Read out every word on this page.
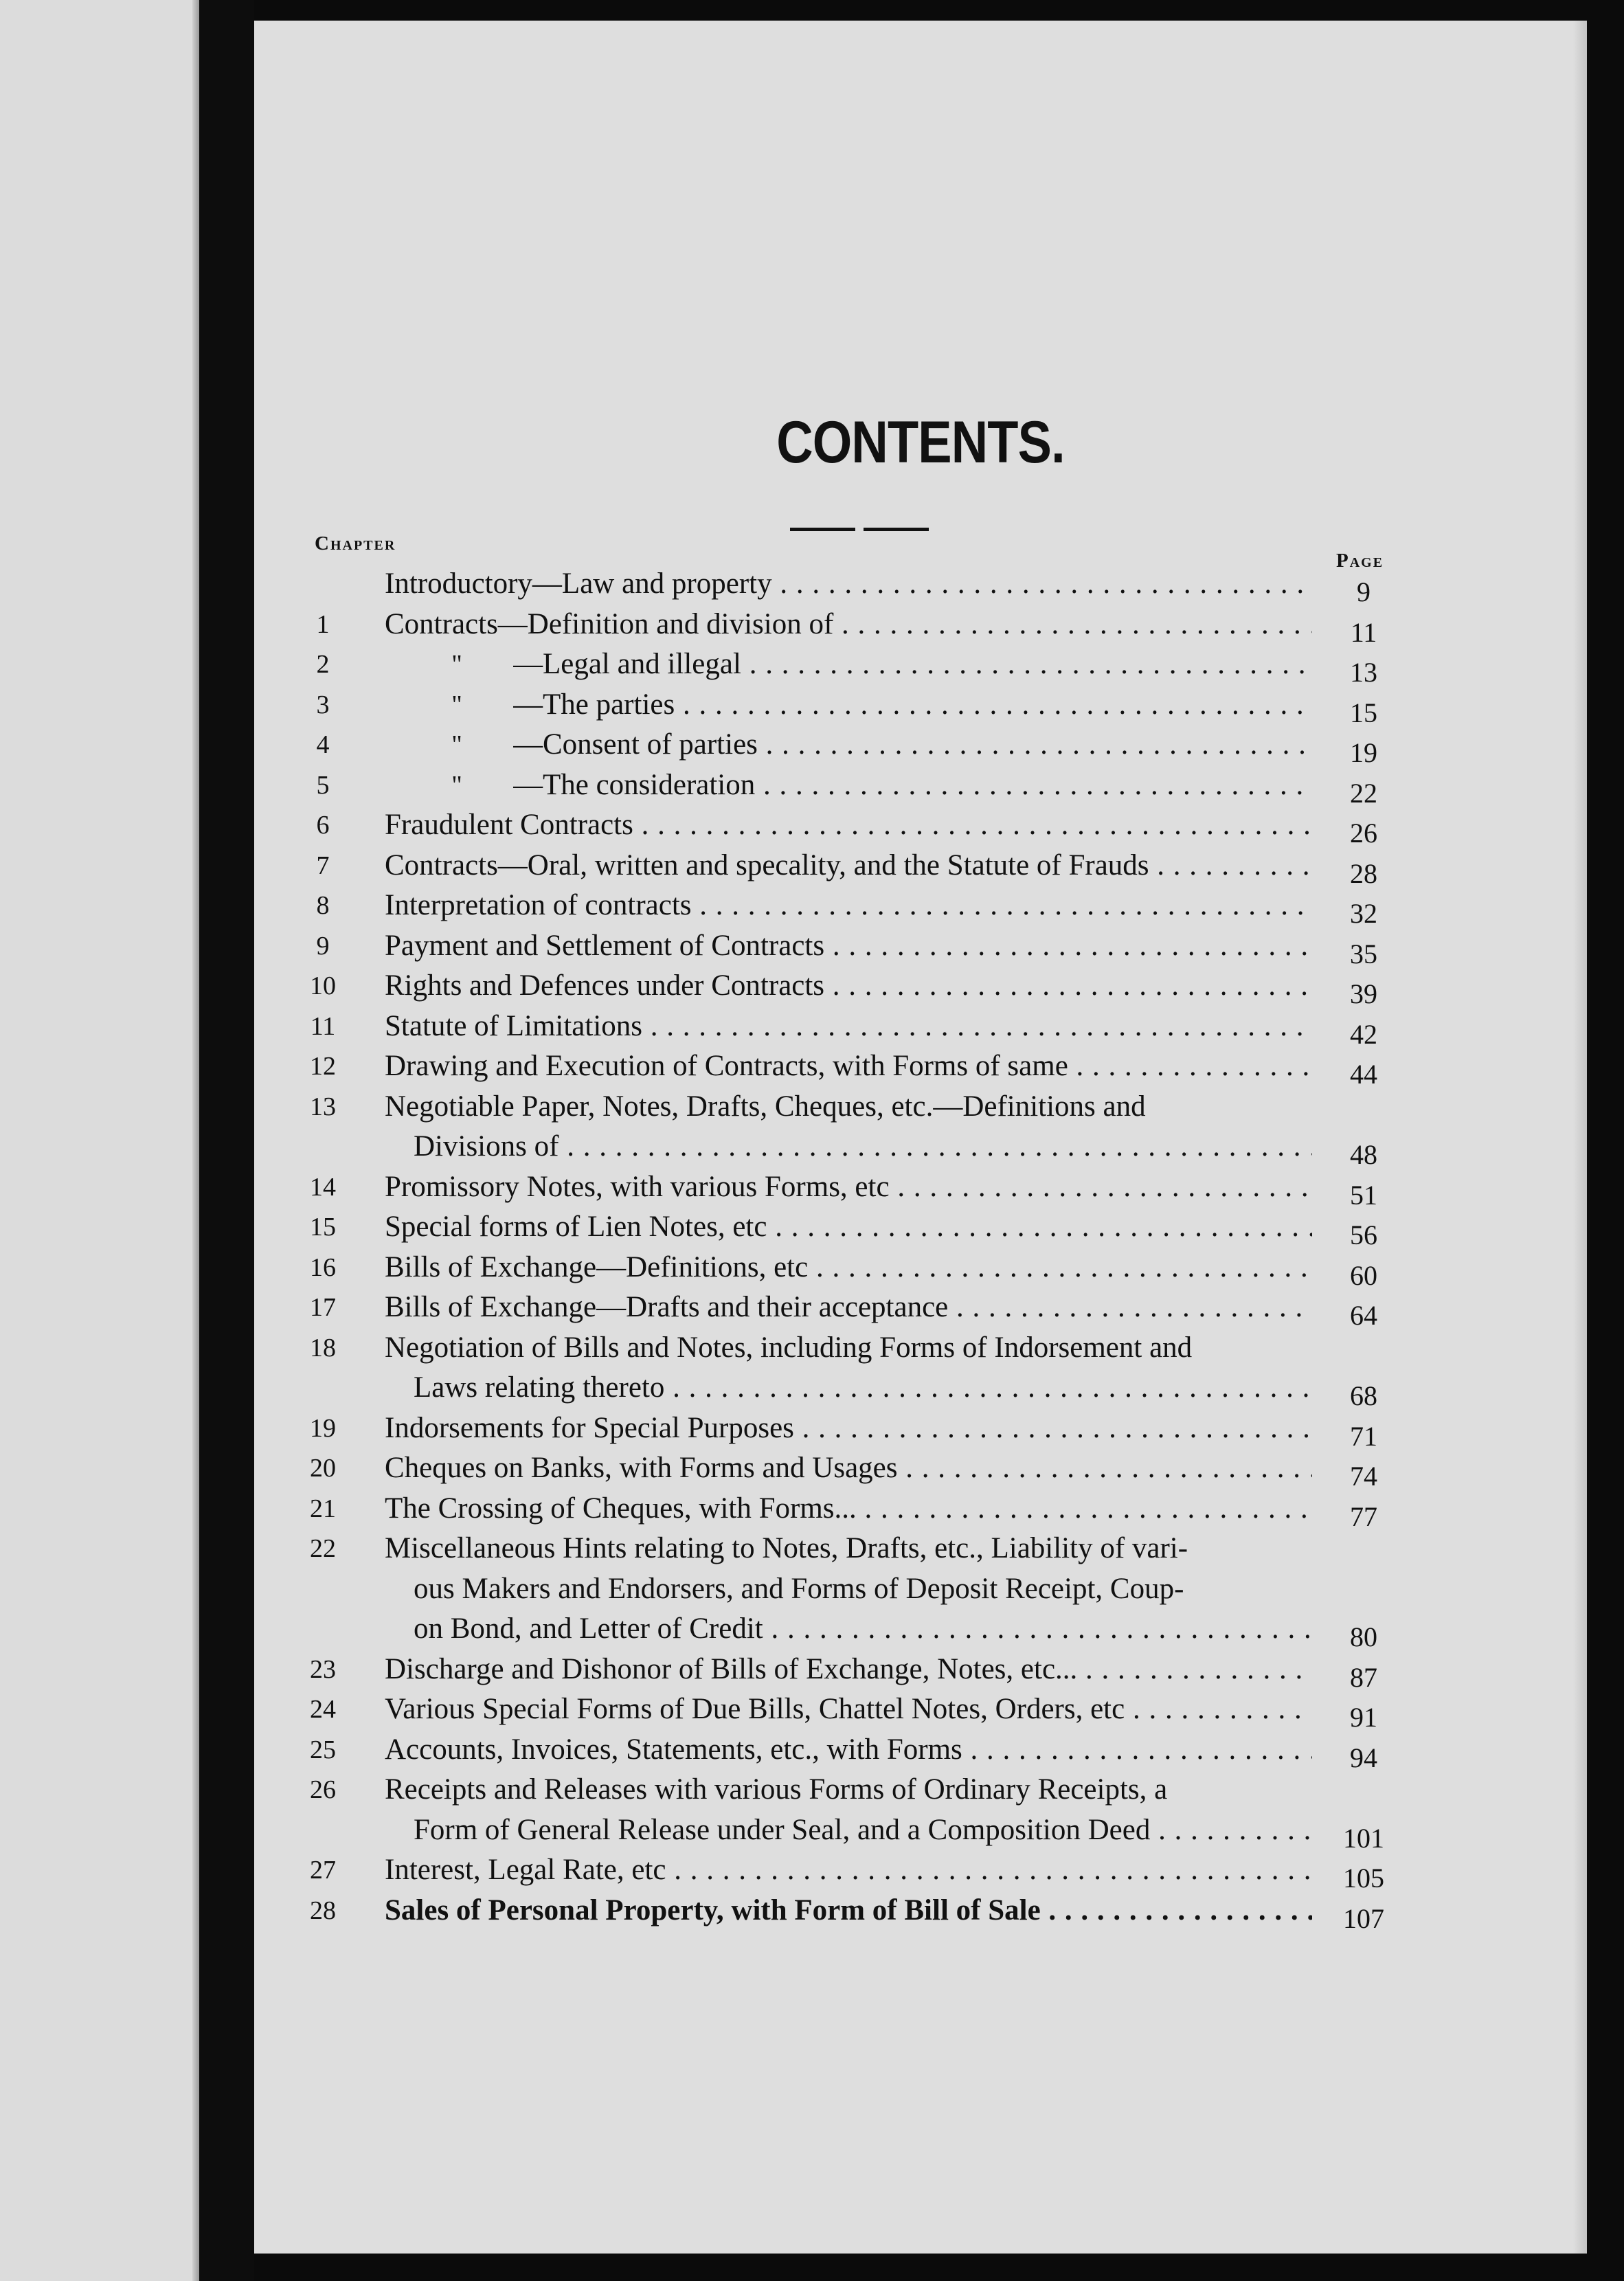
CONTENTS.
Chapter
Page
Introductory—Law and property . . .	9
1	Contracts—Definition and division of . . .	11
2	" —Legal and illegal . . .	13
3	" —The parties . . .	15
4	" —Consent of parties . . .	19
5	" —The consideration . . .	22
6	Fraudulent Contracts . . .	26
7	Contracts—Oral, written and specality, and the Statute of Frauds . . .	28
8	Interpretation of contracts . . .	32
9	Payment and Settlement of Contracts . . .	35
10	Rights and Defences under Contracts . . .	39
11	Statute of Limitations . . .	42
12	Drawing and Execution of Contracts, with Forms of same . . .	44
13	Negotiable Paper, Notes, Drafts, Cheques, etc.—Definitions and
Divisions of . . .	48
14	Promissory Notes, with various Forms, etc . . .	51
15	Special forms of Lien Notes, etc . . .	56
16	Bills of Exchange—Definitions, etc . . .	60
17	Bills of Exchange—Drafts and their acceptance . . .	64
18	Negotiation of Bills and Notes, including Forms of Indorsement and
Laws relating thereto . . .	68
19	Indorsements for Special Purposes . . .	71
20	Cheques on Banks, with Forms and Usages . . .	74
21	The Crossing of Cheques, with Forms... . . .	77
22	Miscellaneous Hints relating to Notes, Drafts, etc., Liability of vari-
ous Makers and Endorsers, and Forms of Deposit Receipt, Coup-
on Bond, and Letter of Credit . . .	80
23	Discharge and Dishonor of Bills of Exchange, Notes, etc... . . .	87
24	Various Special Forms of Due Bills, Chattel Notes, Orders, etc . . .	91
25	Accounts, Invoices, Statements, etc., with Forms . . .	94
26	Receipts and Releases with various Forms of Ordinary Receipts, a
Form of General Release under Seal, and a Composition Deed . . .	101
27	Interest, Legal Rate, etc . . .	105
28	Sales of Personal Property, with Form of Bill of Sale . . .	107
